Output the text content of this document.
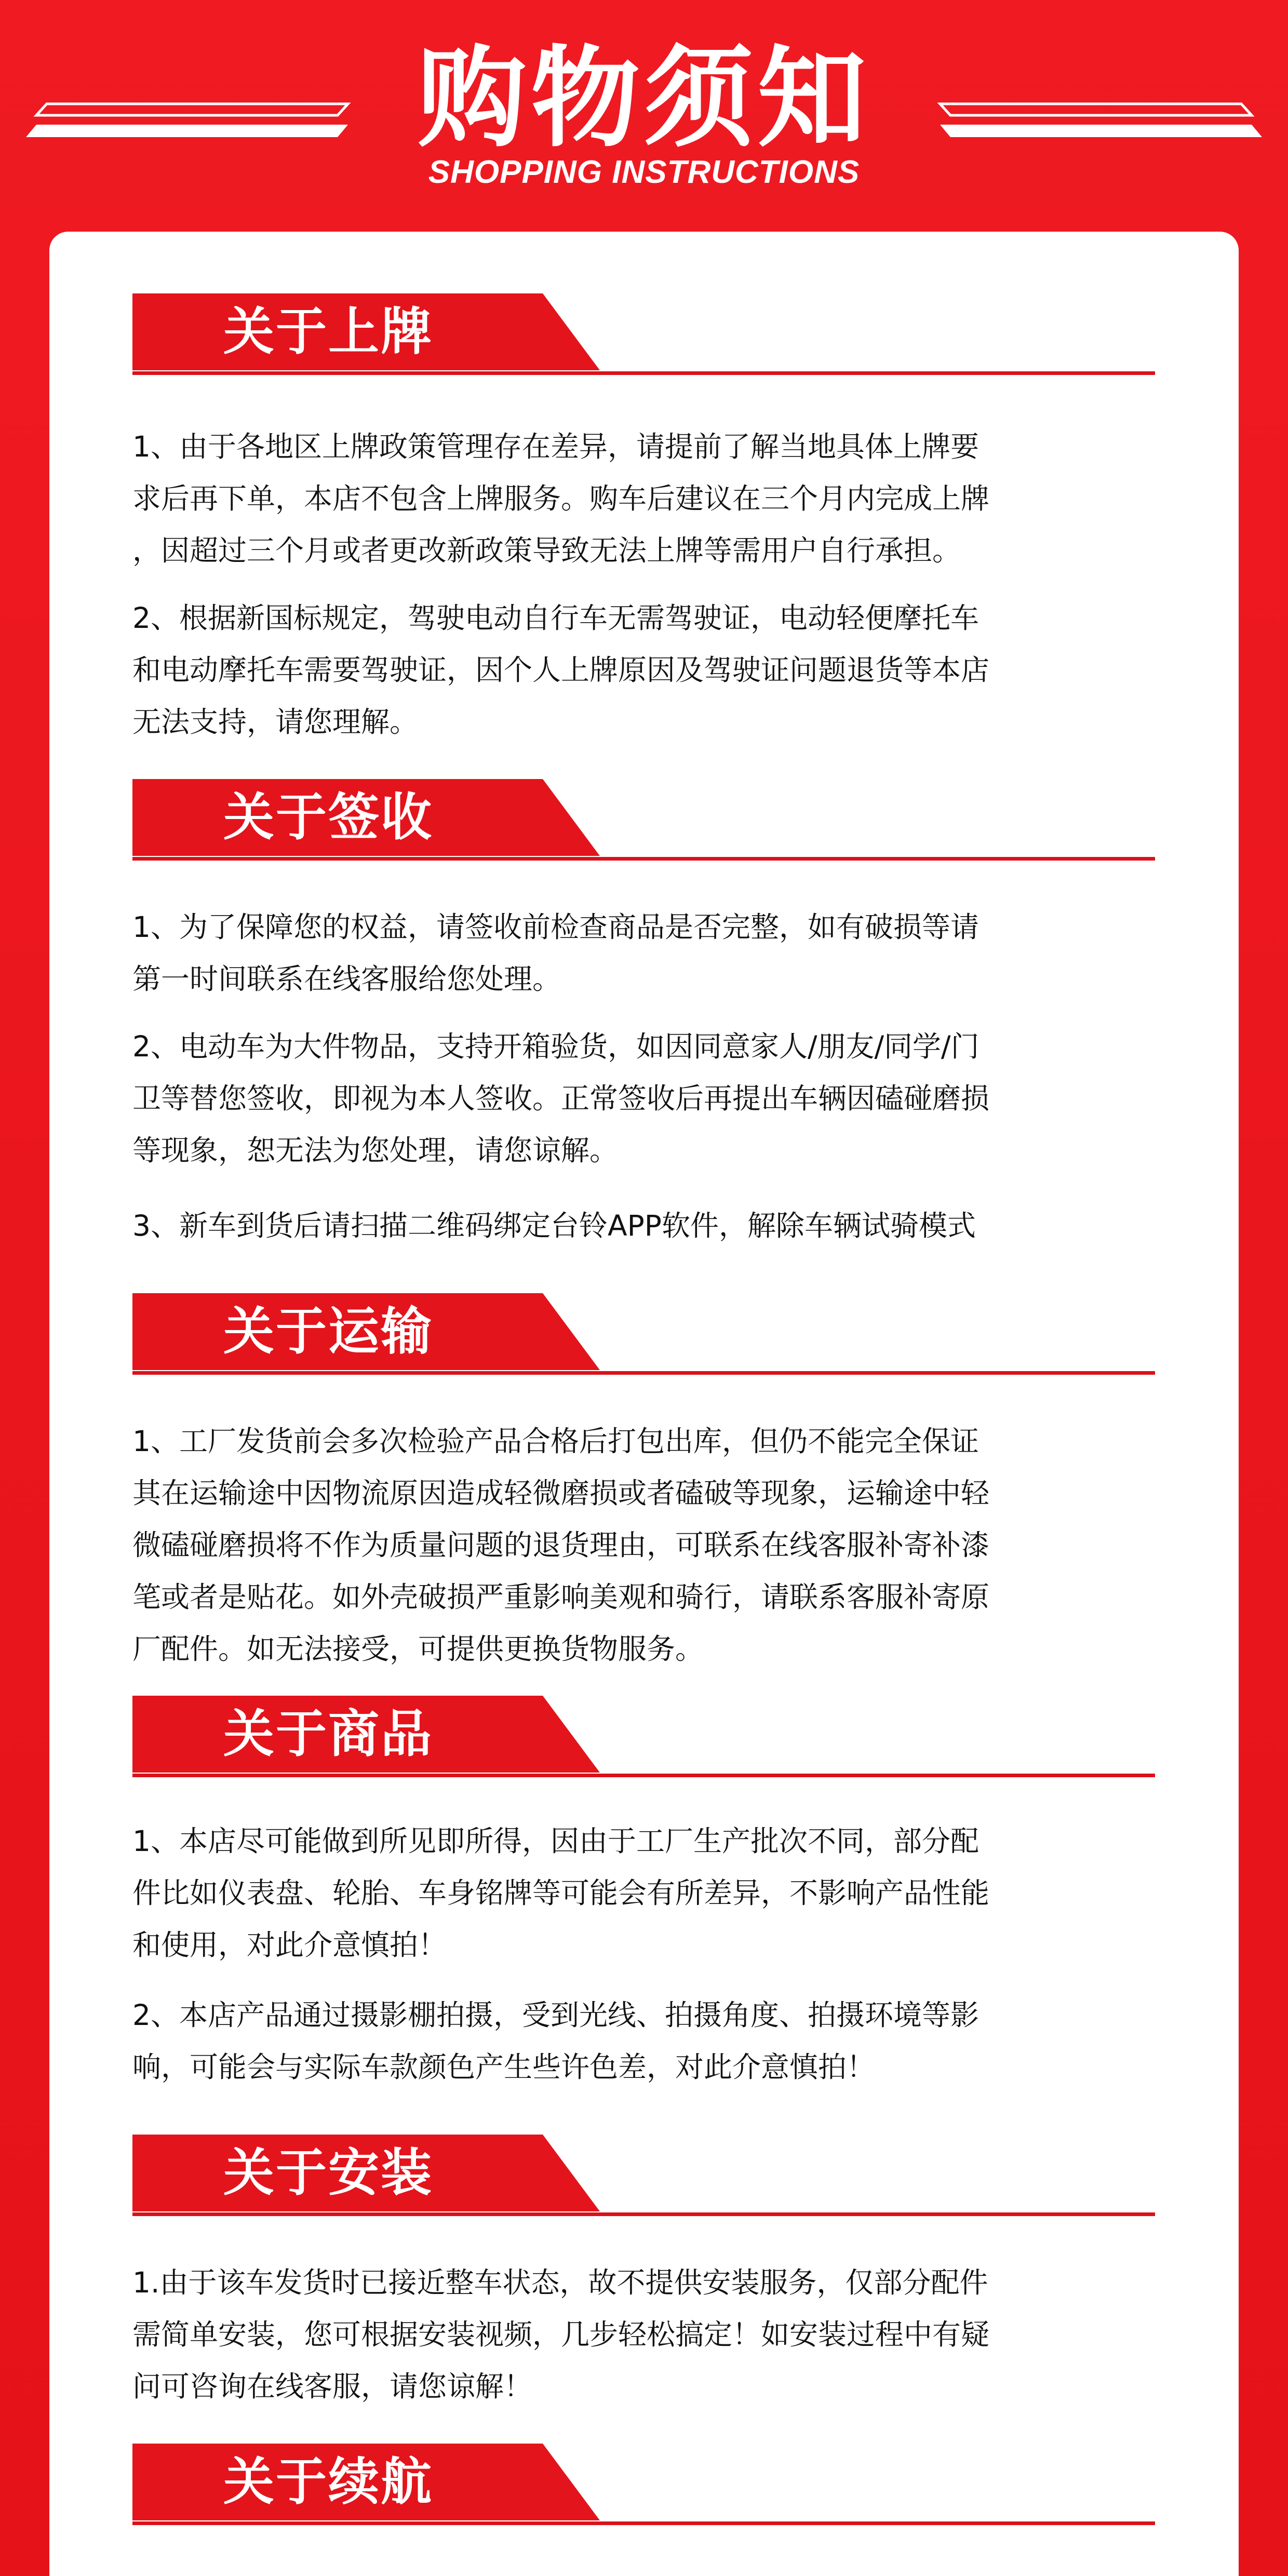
购物须知
SHOPPING INSTRUCTIONS
关于上牌
1、由于各地区上牌政策管理存在差异，请提前了解当地具体上牌要
求后再下单，本店不包含上牌服务。购车后建议在三个月内完成上牌
，因超过三个月或者更改新政策导致无法上牌等需用户自行承担。
2、根据新国标规定，驾驶电动自行车无需驾驶证，电动轻便摩托车
和电动摩托车需要驾驶证，因个人上牌原因及驾驶证问题退货等本店
无法支持，请您理解。
关于签收
1、为了保障您的权益，请签收前检查商品是否完整，如有破损等请
第一时间联系在线客服给您处理。
2、电动车为大件物品，支持开箱验货，如因同意家人/朋友/同学/门
卫等替您签收，即视为本人签收。正常签收后再提出车辆因磕碰磨损
等现象，恕无法为您处理，请您谅解。
3、新车到货后请扫描二维码绑定台铃APP软件，解除车辆试骑模式
关于运输
1、工厂发货前会多次检验产品合格后打包出库，但仍不能完全保证
其在运输途中因物流原因造成轻微磨损或者磕破等现象，运输途中轻
微磕碰磨损将不作为质量问题的退货理由，可联系在线客服补寄补漆
笔或者是贴花。如外壳破损严重影响美观和骑行，请联系客服补寄原
厂配件。如无法接受，可提供更换货物服务。
关于商品
1、本店尽可能做到所见即所得，因由于工厂生产批次不同，部分配
件比如仪表盘、轮胎、车身铭牌等可能会有所差异，不影响产品性能
和使用，对此介意慎拍！
2、本店产品通过摄影棚拍摄，受到光线、拍摄角度、拍摄环境等影
响，可能会与实际车款颜色产生些许色差，对此介意慎拍！
关于安装
1.由于该车发货时已接近整车状态，故不提供安装服务，仅部分配件
需简单安装，您可根据安装视频，几步轻松搞定！如安装过程中有疑
问可咨询在线客服，请您谅解！
关于续航
